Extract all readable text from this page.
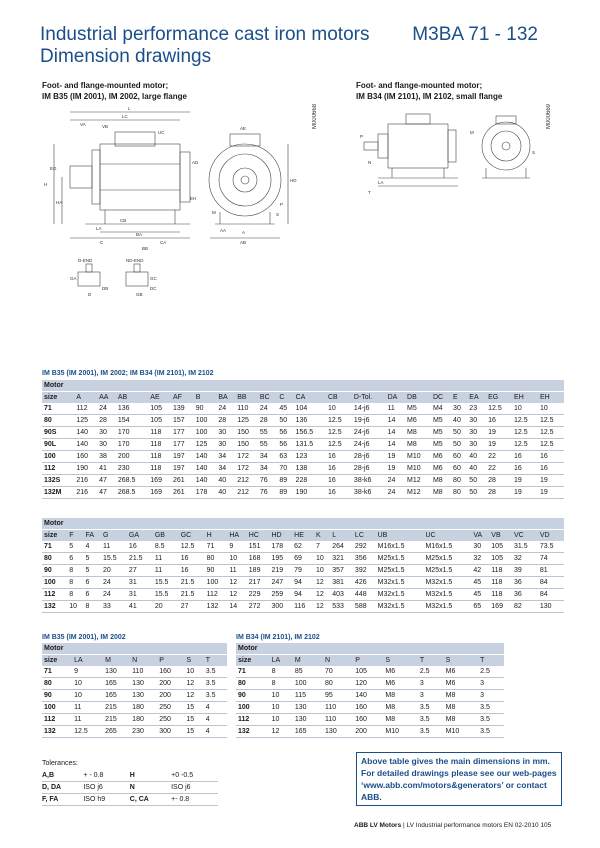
Industrial performance cast iron motors M3BA 71 - 132
Dimension drawings
Foot- and flange-mounted motor;
IM B35 (IM 2001), IM 2002, large flange
Foot- and flange-mounted motor;
IM B34 (IM 2101), IM 2102, small flange
L
LC
VA	VB
UC
AE
HD
AD
H
HA
EG
EH
LA
CB
C	CA
BA
BB
AB
A
AA
M
P
S
D-END	ND-END
GA
DB
GC
DC
D	GB
M000668
P
N
LA
T
M
S
M000669
IM B35 (IM 2001), IM 2002; IM B34 (IM 2101), IM 2102
Motor																					
size	A	AA	AB	AE	AF	B	BA	BB	BC	C	CA	CB	D-Tol.	DA	DB	DC	E	EA	EG	EH	EH
71	112	24	136	105	139	90	24	110	24	45	104	10	14-j6	11	M5	M4	30	23	12.5	10	10
80	125	28	154	105	157	100	28	125	28	50	136	12.5	19-j6	14	M6	M5	40	30	16	12.5	12.5
90S	140	30	170	118	177	100	30	150	55	56	156.5	12.5	24-j6	14	M8	M5	50	30	19	12.5	12.5
90L	140	30	170	118	177	125	30	150	55	56	131.5	12.5	24-j6	14	M8	M5	50	30	19	12.5	12.5
100	160	38	200	118	197	140	34	172	34	63	123	16	28-j6	19	M10	M6	60	40	22	16	16
112	190	41	230	118	197	140	34	172	34	70	138	16	28-j6	19	M10	M6	60	40	22	16	16
132S	216	47	268.5	169	261	140	40	212	76	89	228	16	38-k6	24	M12	M8	80	50	28	19	19
132M	216	47	268.5	169	261	178	40	212	76	89	190	16	38-k6	24	M12	M8	80	50	28	19	19
Motor																				
size	F	FA	G	GA	GB	GC	H	HA	HC	HD	HE	K	L	LC	UB	UC	VA	VB	VC	VD
71	5	4	11	16	8.5	12.5	71	9	151	178	62	7	264	292	M16x1.5	M16x1.5	30	105	31.5	73.5
80	6	5	15.5	21.5	11	16	80	10	168	195	69	10	321	356	M25x1.5	M25x1.5	32	105	32	74
90	8	5	20	27	11	16	90	11	189	219	79	10	357	392	M25x1.5	M25x1.5	42	118	39	81
100	8	6	24	31	15.5	21.5	100	12	217	247	94	12	381	426	M32x1.5	M32x1.5	45	118	36	84
112	8	6	24	31	15.5	21.5	112	12	229	259	94	12	403	448	M32x1.5	M32x1.5	45	118	36	84
132	10	8	33	41	20	27	132	14	272	300	116	12	533	588	M32x1.5	M32x1.5	65	169	82	130
IM B35 (IM 2001), IM 2002
Motor						
size	LA	M	N	P	S	T
71	9	130	110	160	10	3.5
80	10	165	130	200	12	3.5
90	10	165	130	200	12	3.5
100	11	215	180	250	15	4
112	11	215	180	250	15	4
132	12.5	265	230	300	15	4
IM B34 (IM 2101), IM 2102
Motor								
size	LA	M	N	P	S	T	S	T
71	8	85	70	105	M6	2.5	M6	2.5
80	8	100	80	120	M6	3	M6	3
90	10	115	95	140	M8	3	M8	3
100	10	130	110	160	M8	3.5	M8	3.5
112	10	130	110	160	M8	3.5	M8	3.5
132	12	165	130	200	M10	3.5	M10	3.5
Tolerances:
A,B	+ - 0.8	H	+0 -0.5
D, DA	ISO j6	N	ISO j6
F, FA	ISO h9	C, CA	+- 0.8
Above table gives the main dimensions in mm. For detailed drawings please see our web-pages ‘www.abb.com/motors&generators’ or contact ABB.
ABB LV Motors | LV Industrial performance motors EN 02-2010 105
